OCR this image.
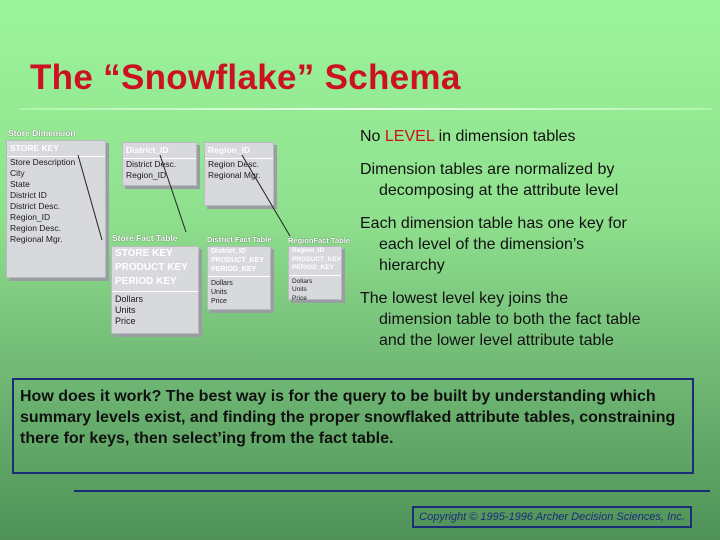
The “Snowflake” Schema
Store Dimension
STORE KEY
Store Description
City
State
District ID
District Desc.
Region_ID
Region Desc.
Regional Mgr.
District_ID
District Desc.
Region_ID
Region_ID
Region Desc.
Regional Mgr.
Store Fact Table
STORE KEY
PRODUCT KEY
PERIOD KEY
Dollars
Units
Price
District Fact Table
District_ID
PRODUCT_KEY
PERIOD_KEY
Dollars
Units
Price
RegionFact Table
Region_ID
PRODUCT_KEY
PERIOD_KEY
Dollars
Units
Price
No LEVEL in dimension tables
Dimension tables are normalized by
decomposing at the attribute level
Each dimension table has one key for
each level of the dimension’s
hierarchy
The lowest level key joins the
dimension table to both the fact table
and the lower level attribute table
How does it work? The best way is for the query to be built by understanding which summary levels exist, and finding the proper snowflaked attribute tables, constraining there for keys, then select’ing from the fact table.
Copyright © 1995-1996 Archer Decision Sciences, Inc.
